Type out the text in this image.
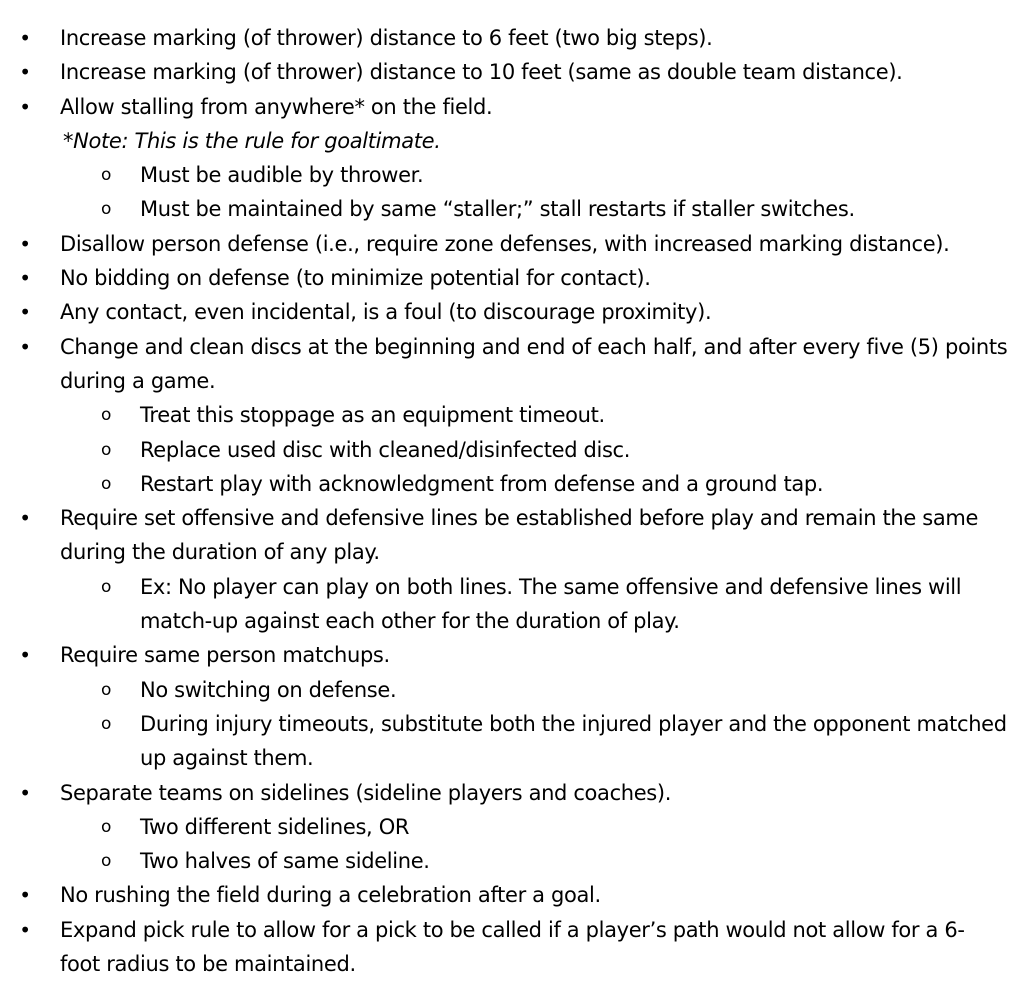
• Increase marking (of thrower) distance to 6 feet (two big steps).
• Increase marking (of thrower) distance to 10 feet (same as double team distance).
• Allow stalling from anywhere* on the field.
*Note: This is the rule for goaltimate.
o Must be audible by thrower.
o Must be maintained by same “staller;” stall restarts if staller switches.
• Disallow person defense (i.e., require zone defenses, with increased marking distance).
• No bidding on defense (to minimize potential for contact).
• Any contact, even incidental, is a foul (to discourage proximity).
• Change and clean discs at the beginning and end of each half, and after every five (5) points
during a game.
o Treat this stoppage as an equipment timeout.
o Replace used disc with cleaned/disinfected disc.
o Restart play with acknowledgment from defense and a ground tap.
• Require set offensive and defensive lines be established before play and remain the same
during the duration of any play.
o Ex: No player can play on both lines. The same offensive and defensive lines will
match-up against each other for the duration of play.
• Require same person matchups.
o No switching on defense.
o During injury timeouts, substitute both the injured player and the opponent matched
up against them.
• Separate teams on sidelines (sideline players and coaches).
o Two different sidelines, OR
o Two halves of same sideline.
• No rushing the field during a celebration after a goal.
• Expand pick rule to allow for a pick to be called if a player’s path would not allow for a 6-
foot radius to be maintained.
